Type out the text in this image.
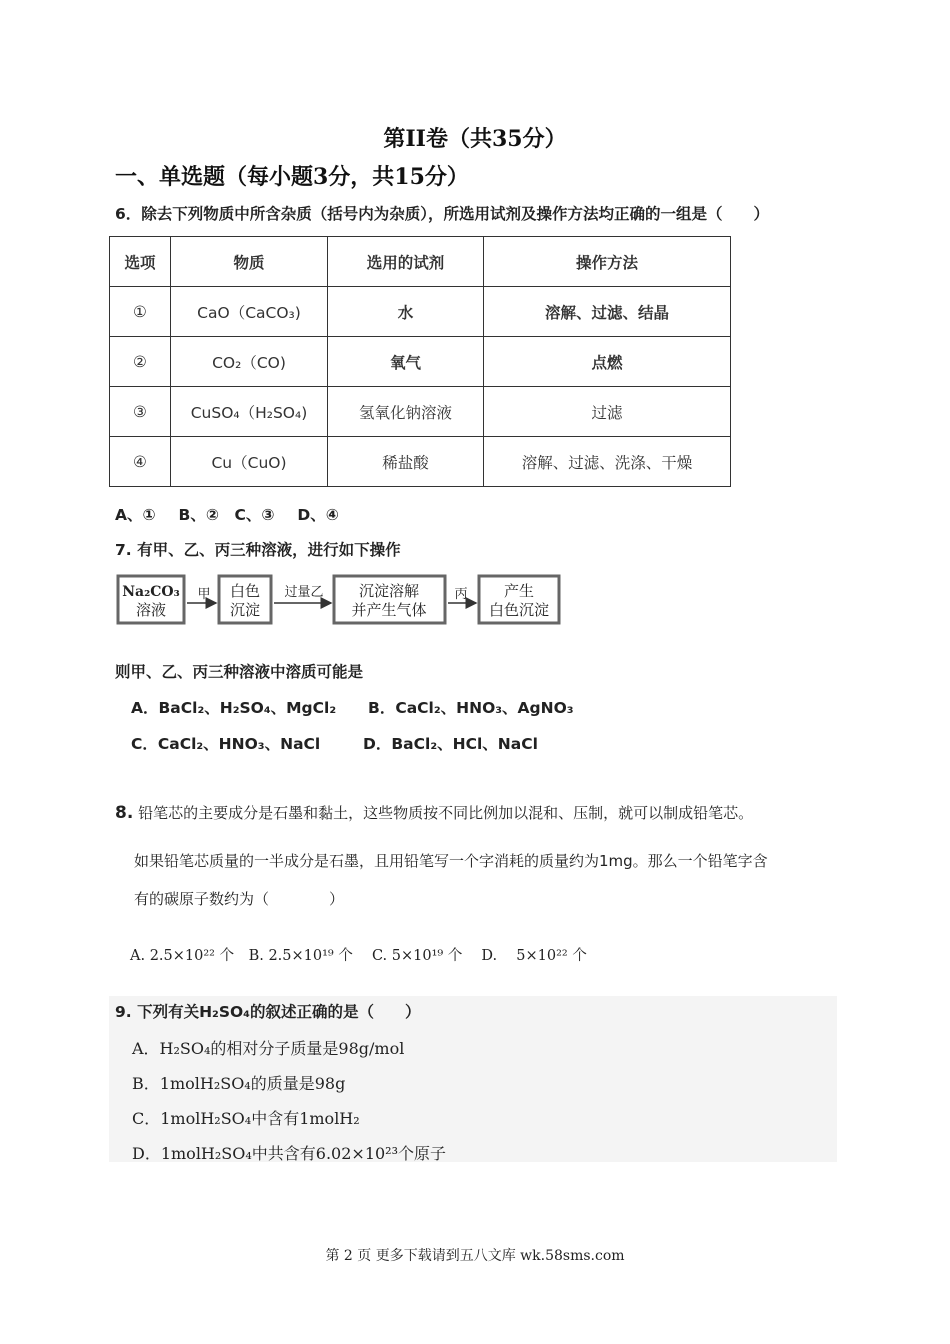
第II卷（共35分）
一、单选题（每小题3分，共15分）
6．除去下列物质中所含杂质（括号内为杂质），所选用试剂及操作方法均正确的一组是（　　）
选项	物质	选用的试剂	操作方法
①	CaO（CaCO₃)	水	溶解、过滤、结晶
②	CO₂（CO)	氧气	点燃
③	CuSO₄（H₂SO₄)	氢氧化钠溶液	过滤
④	Cu（CuO)	稀盐酸	溶解、过滤、洗涤、干燥
A、①　 B、②　C、③　 D、④
7. 有甲、乙、丙三种溶液，进行如下操作
Na₂CO₃
溶液
甲 白色
沉淀
过量乙 沉淀溶解
并产生气体
丙 产生
白色沉淀
则甲、乙、丙三种溶液中溶质可能是
A．BaCl₂、H₂SO₄、MgCl₂ B．CaCl₂、HNO₃、AgNO₃
C．CaCl₂、HNO₃、NaCl	D．BaCl₂、HCl、NaCl
8. 铅笔芯的主要成分是石墨和黏土，这些物质按不同比例加以混和、压制，就可以制成铅笔芯。
如果铅笔芯质量的一半成分是石墨，且用铅笔写一个字消耗的质量约为1mg。那么一个铅笔字含
有的碳原子数约为（　　　　）
A. 2.5×10²² 个　B. 2.5×10¹⁹ 个　 C. 5×10¹⁹ 个　 D.　 5×10²² 个
9. 下列有关H₂SO₄的叙述正确的是（　　）
A．H₂SO₄的相对分子质量是98g/mol
B．1molH₂SO₄的质量是98g
C．1molH₂SO₄中含有1molH₂
D．1molH₂SO₄中共含有6.02×10²³个原子
第 2 页 更多下载请到五八文库 wk.58sms.com
